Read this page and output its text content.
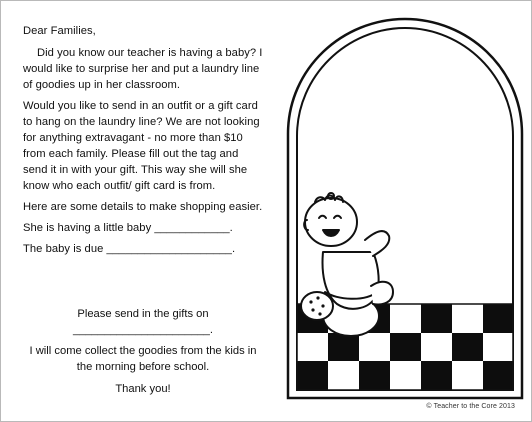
Dear Families,

Did you know our teacher is having a baby? I would like to surprise her and put a laundry line of goodies up in her classroom.

Would you like to send in an outfit or a gift card to hang on the laundry line? We are not looking for anything extravagant - no more than $10 from each family. Please fill out the tag and send it in with your gift. This way she will she know who each outfit/ gift card is from.

Here are some details to make shopping easier.

She is having a little baby ____________.

The baby is due ____________________.

Please send in the gifts on

______________________.

I will come collect the goodies from the kids in the morning before school.

Thank you!

© Teacher to the Core 2013
